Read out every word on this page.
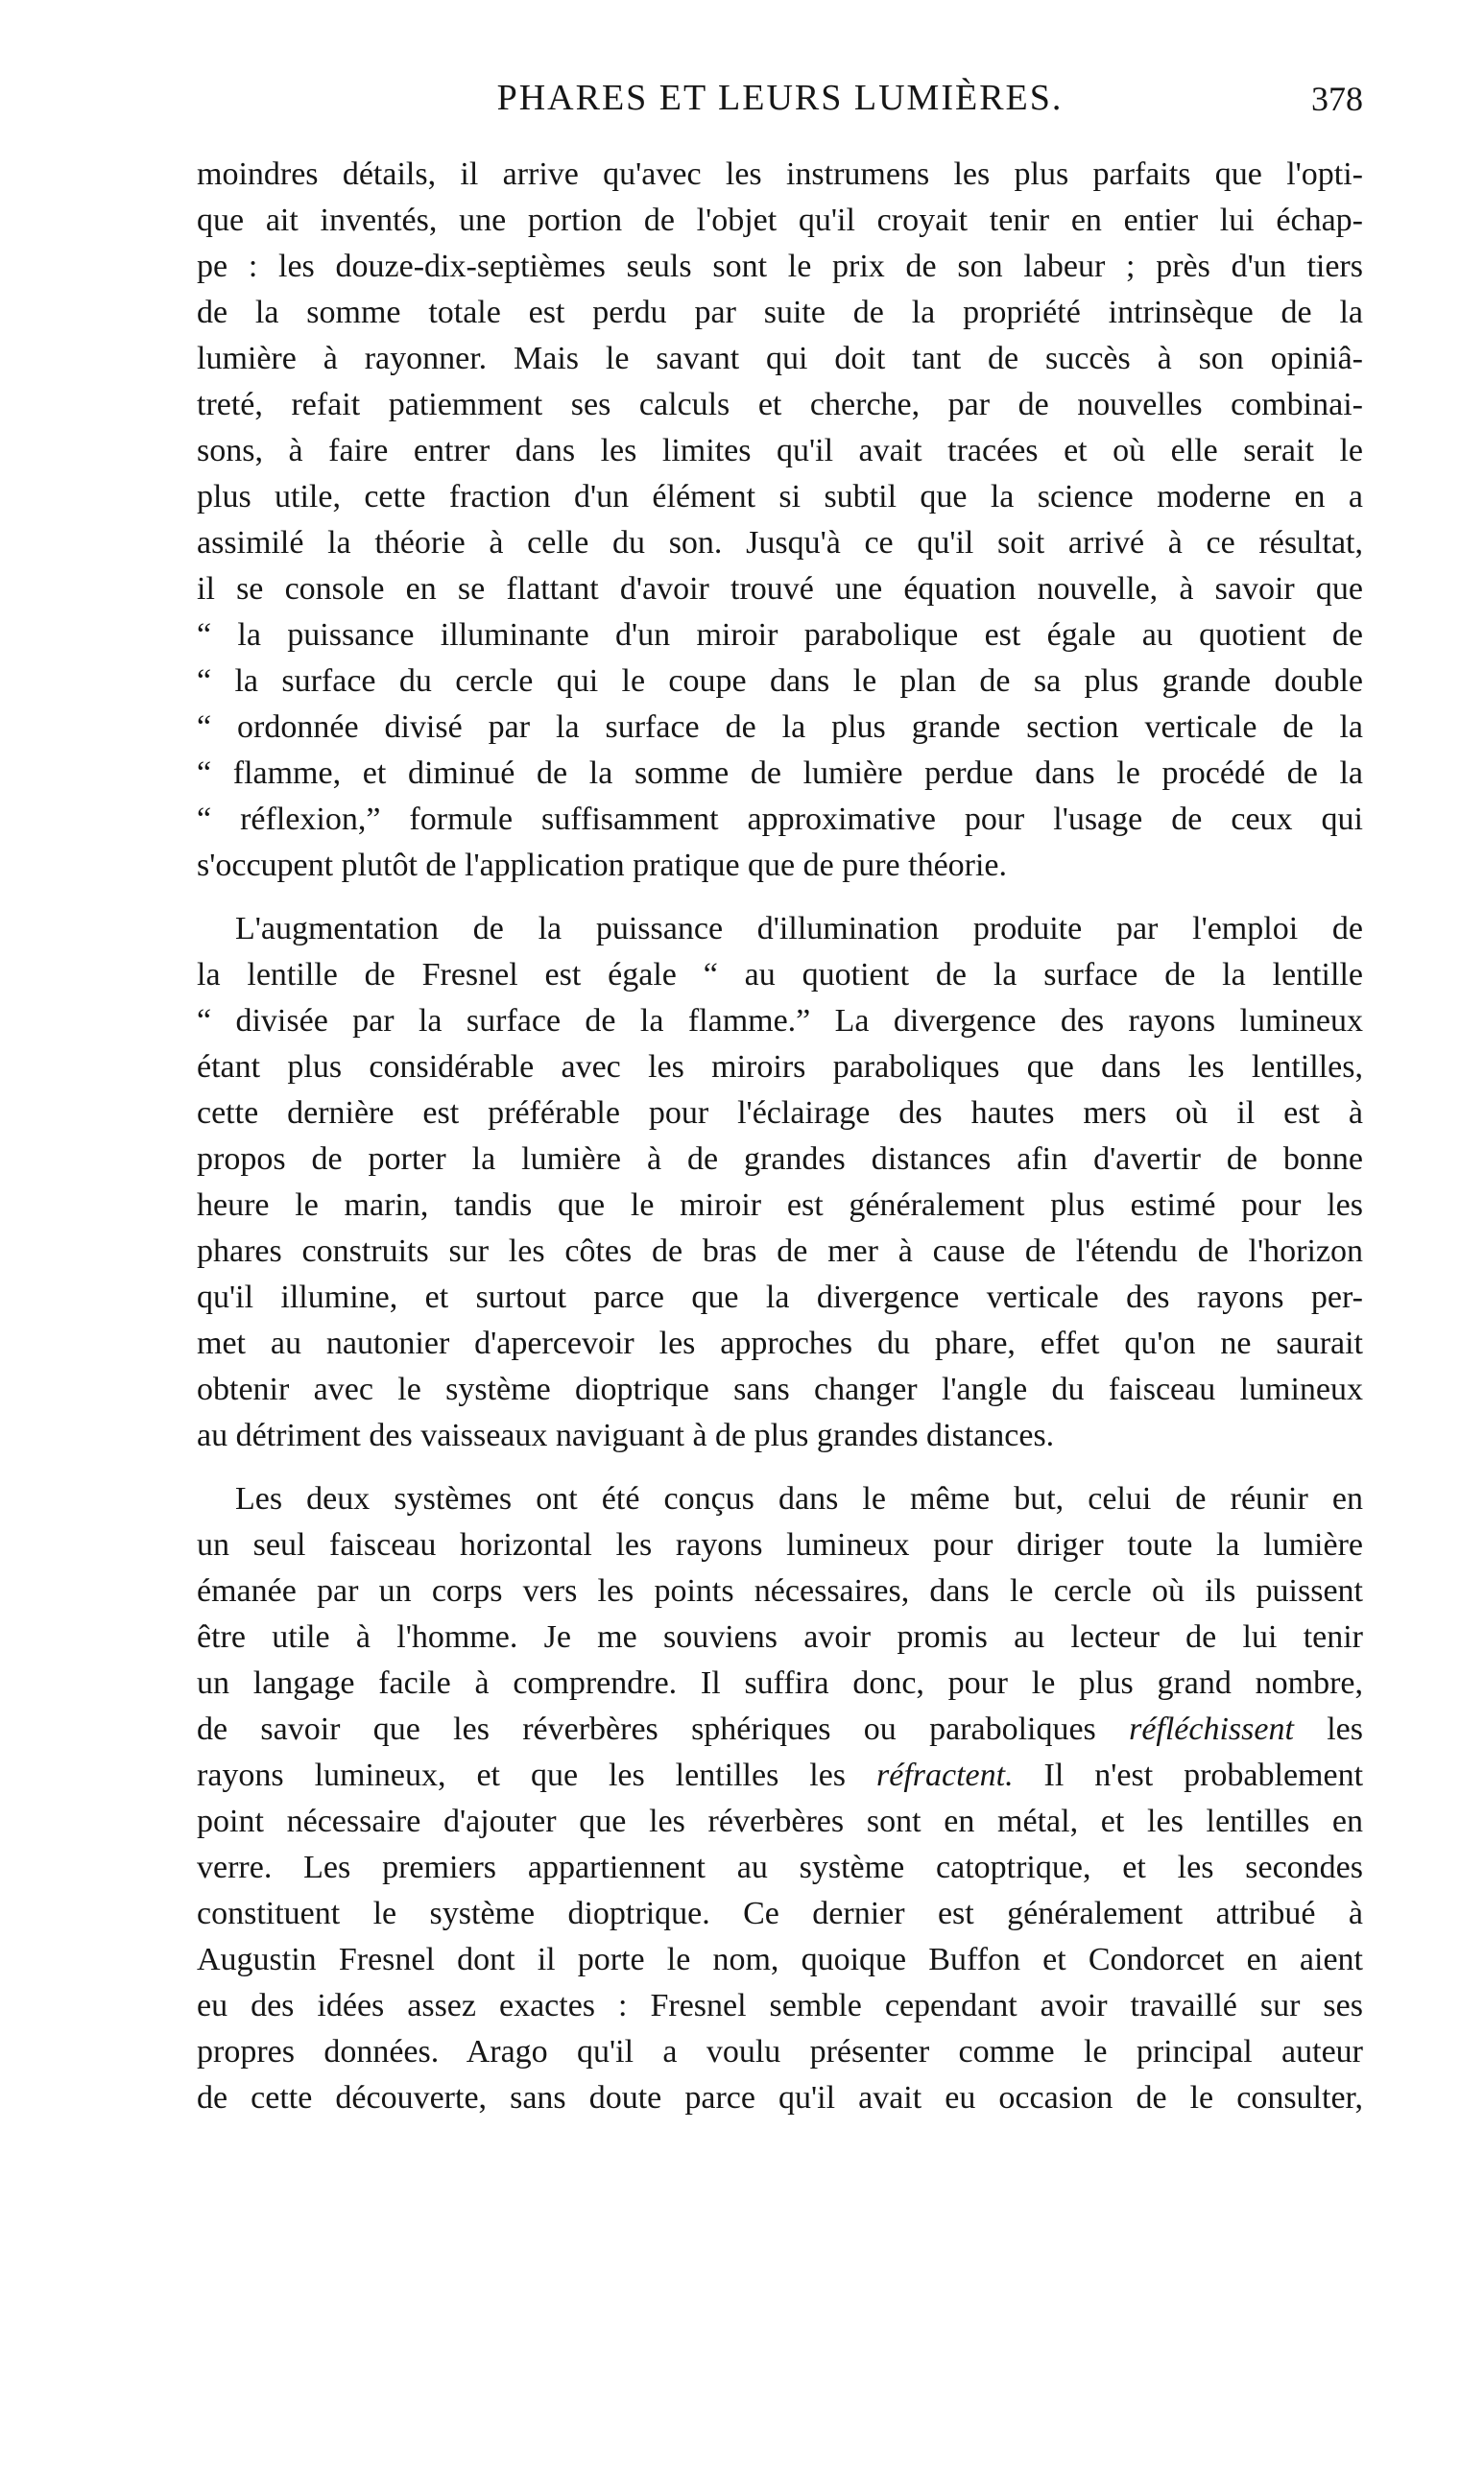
PHARES ET LEURS LUMIÈRES.	378
moindres détails, il arrive qu'avec les instrumens les plus parfaits que l'opti-
que ait inventés, une portion de l'objet qu'il croyait tenir en entier lui échap-
pe : les douze-dix-septièmes seuls sont le prix de son labeur ; près d'un tiers
de la somme totale est perdu par suite de la propriété intrinsèque de la
lumière à rayonner. Mais le savant qui doit tant de succès à son opiniâ-
treté, refait patiemment ses calculs et cherche, par de nouvelles combinai-
sons, à faire entrer dans les limites qu'il avait tracées et où elle serait le
plus utile, cette fraction d'un élément si subtil que la science moderne en a
assimilé la théorie à celle du son. Jusqu'à ce qu'il soit arrivé à ce résultat,
il se console en se flattant d'avoir trouvé une équation nouvelle, à savoir que
“ la puissance illuminante d'un miroir parabolique est égale au quotient de
“ la surface du cercle qui le coupe dans le plan de sa plus grande double
“ ordonnée divisé par la surface de la plus grande section verticale de la
“ flamme, et diminué de la somme de lumière perdue dans le procédé de la
“ réflexion,” formule suffisamment approximative pour l'usage de ceux qui
s'occupent plutôt de l'application pratique que de pure théorie.
L'augmentation de la puissance d'illumination produite par l'emploi de
la lentille de Fresnel est égale “ au quotient de la surface de la lentille
“ divisée par la surface de la flamme.” La divergence des rayons lumineux
étant plus considérable avec les miroirs paraboliques que dans les lentilles,
cette dernière est préférable pour l'éclairage des hautes mers où il est à
propos de porter la lumière à de grandes distances afin d'avertir de bonne
heure le marin, tandis que le miroir est généralement plus estimé pour les
phares construits sur les côtes de bras de mer à cause de l'étendu de l'horizon
qu'il illumine, et surtout parce que la divergence verticale des rayons per-
met au nautonier d'apercevoir les approches du phare, effet qu'on ne saurait
obtenir avec le système dioptrique sans changer l'angle du faisceau lumineux
au détriment des vaisseaux naviguant à de plus grandes distances.
Les deux systèmes ont été conçus dans le même but, celui de réunir en
un seul faisceau horizontal les rayons lumineux pour diriger toute la lumière
émanée par un corps vers les points nécessaires, dans le cercle où ils puissent
être utile à l'homme. Je me souviens avoir promis au lecteur de lui tenir
un langage facile à comprendre. Il suffira donc, pour le plus grand nombre,
de savoir que les réverbères sphériques ou paraboliques réfléchissent les
rayons lumineux, et que les lentilles les réfractent. Il n'est probablement
point nécessaire d'ajouter que les réverbères sont en métal, et les lentilles en
verre. Les premiers appartiennent au système catoptrique, et les secondes
constituent le système dioptrique. Ce dernier est généralement attribué à
Augustin Fresnel dont il porte le nom, quoique Buffon et Condorcet en aient
eu des idées assez exactes : Fresnel semble cependant avoir travaillé sur ses
propres données. Arago qu'il a voulu présenter comme le principal auteur
de cette découverte, sans doute parce qu'il avait eu occasion de le consulter,
